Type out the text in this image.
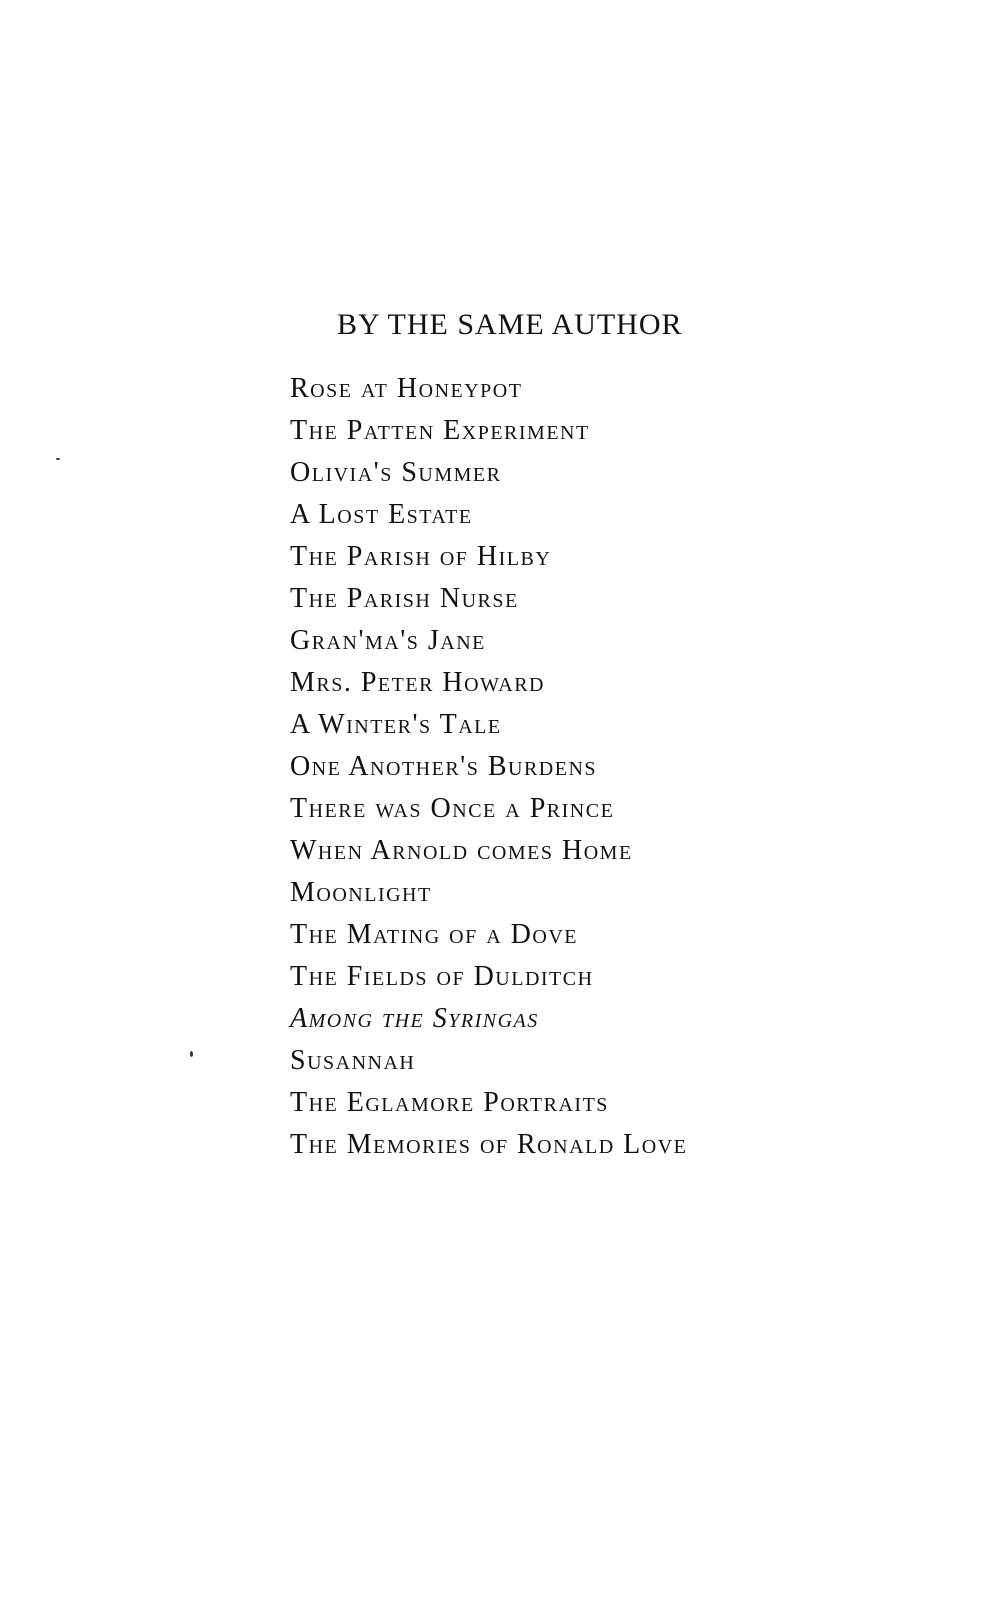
BY THE SAME AUTHOR
Rose at Honeypot
The Patten Experiment
Olivia's Summer
A Lost Estate
The Parish of Hilby
The Parish Nurse
Gran'ma's Jane
Mrs. Peter Howard
A Winter's Tale
One Another's Burdens
There was Once a Prince
When Arnold comes Home
Moonlight
The Mating of a Dove
The Fields of Dulditch
Among the Syringas
Susannah
The Eglamore Portraits
The Memories of Ronald Love
